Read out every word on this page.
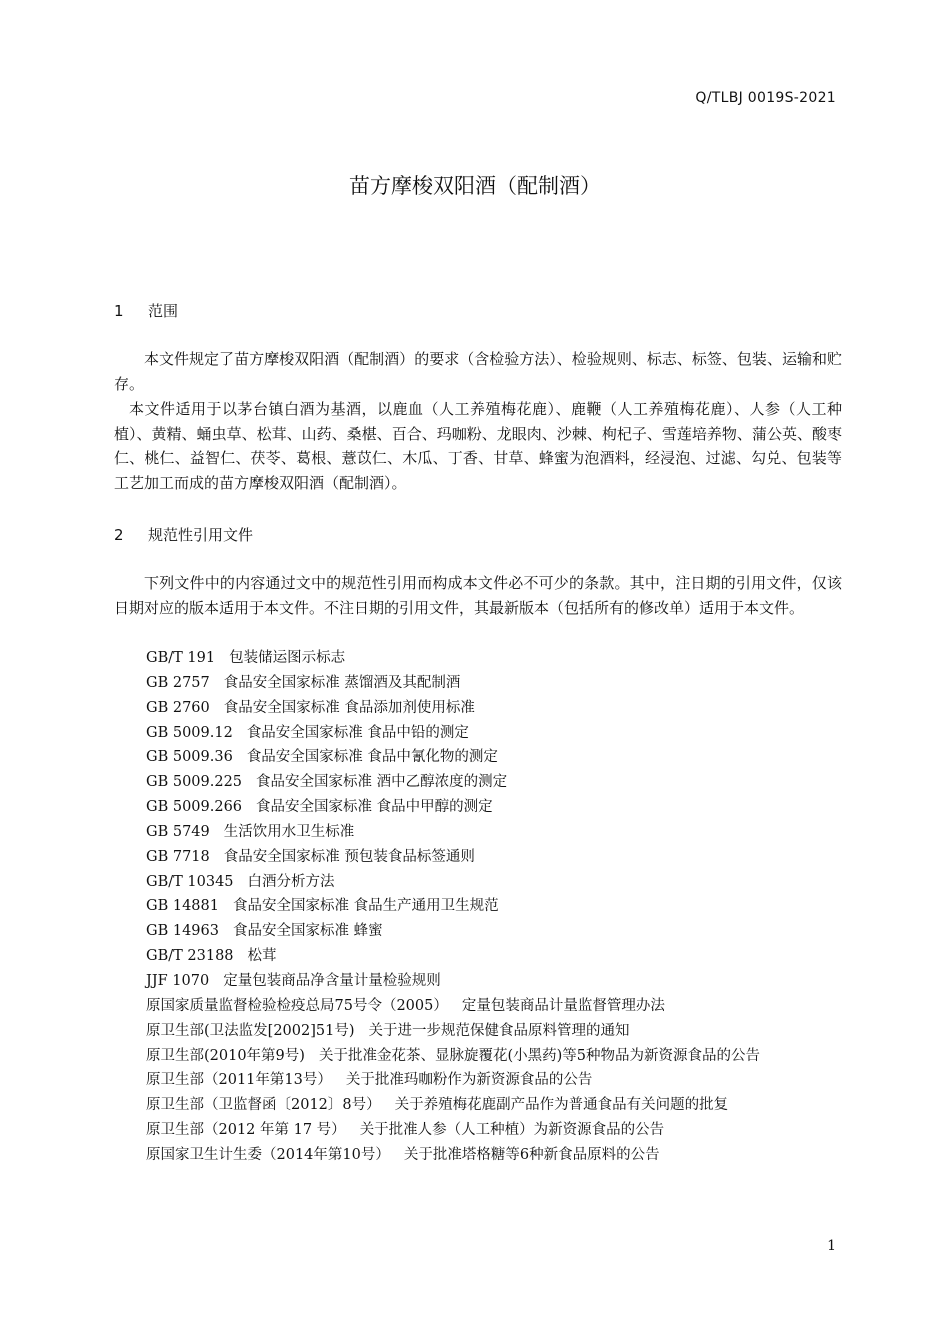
Q/TLBJ 0019S-2021
苗方摩梭双阳酒（配制酒）
1 范围

本文件规定了苗方摩梭双阳酒（配制酒）的要求（含检验方法）、检验规则、标志、标签、包装、运输和贮存。

本文件适用于以茅台镇白酒为基酒，以鹿血（人工养殖梅花鹿）、鹿鞭（人工养殖梅花鹿）、人参（人工种植）、黄精、蛹虫草、松茸、山药、桑椹、百合、玛咖粉、龙眼肉、沙棘、枸杞子、雪莲培养物、蒲公英、酸枣仁、桃仁、益智仁、茯苓、葛根、薏苡仁、木瓜、丁香、甘草、蜂蜜为泡酒料，经浸泡、过滤、勾兑、包装等工艺加工而成的苗方摩梭双阳酒（配制酒）。

2 规范性引用文件

下列文件中的内容通过文中的规范性引用而构成本文件必不可少的条款。其中，注日期的引用文件，仅该日期对应的版本适用于本文件。不注日期的引用文件，其最新版本（包括所有的修改单）适用于本文件。

GB/T 191 包装储运图示标志
GB 2757 食品安全国家标准 蒸馏酒及其配制酒
GB 2760 食品安全国家标准 食品添加剂使用标准
GB 5009.12 食品安全国家标准 食品中铅的测定
GB 5009.36 食品安全国家标准 食品中氰化物的测定
GB 5009.225 食品安全国家标准 酒中乙醇浓度的测定
GB 5009.266 食品安全国家标准 食品中甲醇的测定
GB 5749 生活饮用水卫生标准
GB 7718 食品安全国家标准 预包装食品标签通则
GB/T 10345 白酒分析方法
GB 14881 食品安全国家标准 食品生产通用卫生规范
GB 14963 食品安全国家标准 蜂蜜
GB/T 23188 松茸
JJF 1070 定量包装商品净含量计量检验规则
原国家质量监督检验检疫总局75号令（2005） 定量包装商品计量监督管理办法
原卫生部(卫法监发[2002]51号) 关于进一步规范保健食品原料管理的通知
原卫生部(2010年第9号) 关于批准金花茶、显脉旋覆花(小黑药)等5种物品为新资源食品的公告
原卫生部（2011年第13号） 关于批准玛咖粉作为新资源食品的公告
原卫生部（卫监督函〔2012〕8号） 关于养殖梅花鹿副产品作为普通食品有关问题的批复
原卫生部（2012 年第 17 号） 关于批准人参（人工种植）为新资源食品的公告
原国家卫生计生委（2014年第10号） 关于批准塔格糖等6种新食品原料的公告
1
